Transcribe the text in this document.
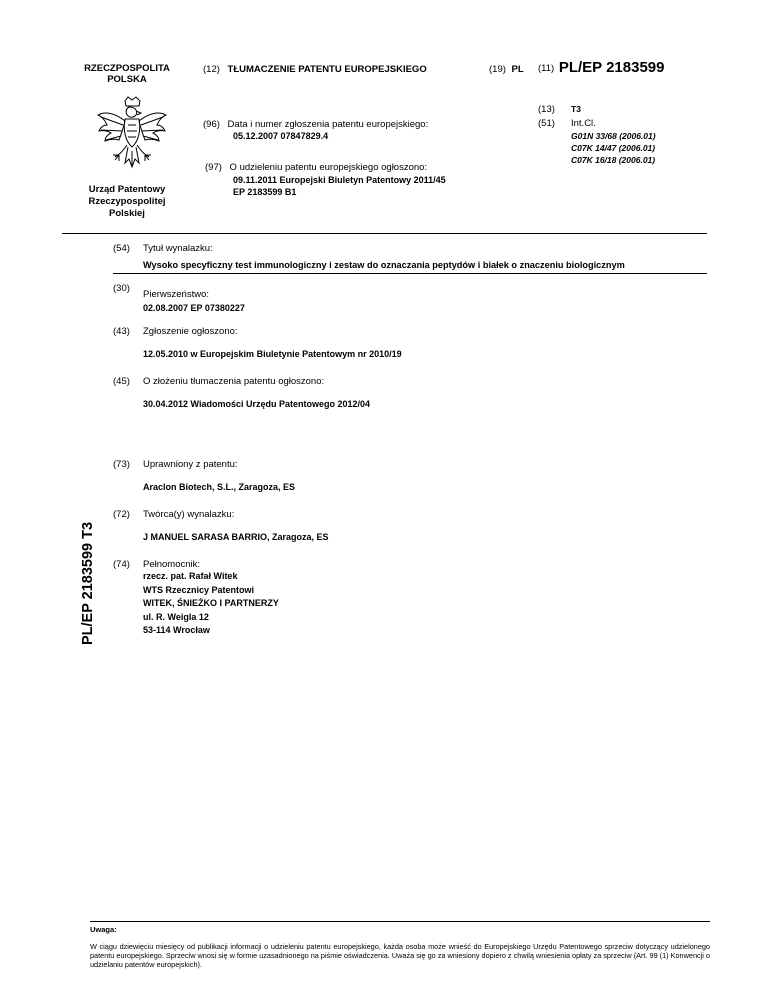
RZECZPOSPOLITA
POLSKA
Urząd Patentowy
Rzeczypospolitej
Polskiej
(12) TŁUMACZENIE PATENTU EUROPEJSKIEGO	(19) PL (11) PL/EP 2183599
(13) T3
(51) Int.Cl.
G01N 33/68 (2006.01)
C07K 14/47 (2006.01)
C07K 16/18 (2006.01)
(96) Data i numer zgłoszenia patentu europejskiego:
05.12.2007 07847829.4
(97) O udzieleniu patentu europejskiego ogłoszono:
09.11.2011 Europejski Biuletyn Patentowy 2011/45
EP 2183599 B1
(54) Tytuł wynalazku:
Wysoko specyficzny test immunologiczny i zestaw do oznaczania peptydów i białek o znaczeniu biologicznym
(30)
Pierwszeństwo:
02.08.2007 EP 07380227
(43) Zgłoszenie ogłoszono:
12.05.2010 w Europejskim Biuletynie Patentowym nr 2010/19
(45) O złożeniu tłumaczenia patentu ogłoszono:
30.04.2012 Wiadomości Urzędu Patentowego 2012/04
(73) Uprawniony z patentu:
Araclon Biotech, S.L., Zaragoza, ES
(72) Twórca(y) wynalazku:
J MANUEL SARASA BARRIO, Zaragoza, ES
(74) Pełnomocnik:
rzecz. pat. Rafał Witek
WTS Rzecznicy Patentowi
WITEK, ŚNIEŻKO I PARTNERZY
ul. R. Weigla 12
53-114 Wrocław
PL/EP 2183599 T3
Uwaga:
W ciągu dziewięciu miesięcy od publikacji informacji o udzieleniu patentu europejskiego, każda osoba może wnieść do Europejskiego Urzędu Patentowego sprzeciw dotyczący udzielonego patentu europejskiego. Sprzeciw wnosi się w formie uzasadnionego na piśmie oświadczenia. Uważa się go za wniesiony dopiero z chwilą wniesienia opłaty za sprzeciw (Art. 99 (1) Konwencji o udzielaniu patentów europejskich).
